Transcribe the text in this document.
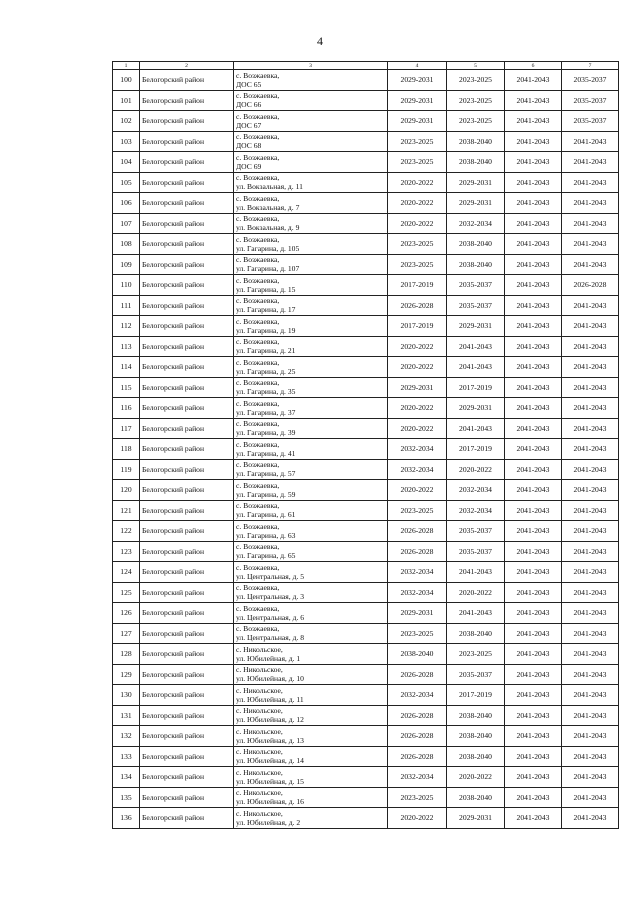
4
1	2	3	4	5	6	7
100	Белогорский район	с. Возжаевка,
ДОС 65	2029-2031	2023-2025	2041-2043	2035-2037
101	Белогорский район	с. Возжаевка,
ДОС 66	2029-2031	2023-2025	2041-2043	2035-2037
102	Белогорский район	с. Возжаевка,
ДОС 67	2029-2031	2023-2025	2041-2043	2035-2037
103	Белогорский район	с. Возжаевка,
ДОС 68	2023-2025	2038-2040	2041-2043	2041-2043
104	Белогорский район	с. Возжаевка,
ДОС 69	2023-2025	2038-2040	2041-2043	2041-2043
105	Белогорский район	с. Возжаевка,
ул. Вокзальная, д. 11	2020-2022	2029-2031	2041-2043	2041-2043
106	Белогорский район	с. Возжаевка,
ул. Вокзальная, д. 7	2020-2022	2029-2031	2041-2043	2041-2043
107	Белогорский район	с. Возжаевка,
ул. Вокзальная, д. 9	2020-2022	2032-2034	2041-2043	2041-2043
108	Белогорский район	с. Возжаевка,
ул. Гагарина, д. 105	2023-2025	2038-2040	2041-2043	2041-2043
109	Белогорский район	с. Возжаевка,
ул. Гагарина, д. 107	2023-2025	2038-2040	2041-2043	2041-2043
110	Белогорский район	с. Возжаевка,
ул. Гагарина, д. 15	2017-2019	2035-2037	2041-2043	2026-2028
111	Белогорский район	с. Возжаевка,
ул. Гагарина, д. 17	2026-2028	2035-2037	2041-2043	2041-2043
112	Белогорский район	с. Возжаевка,
ул. Гагарина, д. 19	2017-2019	2029-2031	2041-2043	2041-2043
113	Белогорский район	с. Возжаевка,
ул. Гагарина, д. 21	2020-2022	2041-2043	2041-2043	2041-2043
114	Белогорский район	с. Возжаевка,
ул. Гагарина, д. 25	2020-2022	2041-2043	2041-2043	2041-2043
115	Белогорский район	с. Возжаевка,
ул. Гагарина, д. 35	2029-2031	2017-2019	2041-2043	2041-2043
116	Белогорский район	с. Возжаевка,
ул. Гагарина, д. 37	2020-2022	2029-2031	2041-2043	2041-2043
117	Белогорский район	с. Возжаевка,
ул. Гагарина, д. 39	2020-2022	2041-2043	2041-2043	2041-2043
118	Белогорский район	с. Возжаевка,
ул. Гагарина, д. 41	2032-2034	2017-2019	2041-2043	2041-2043
119	Белогорский район	с. Возжаевка,
ул. Гагарина, д. 57	2032-2034	2020-2022	2041-2043	2041-2043
120	Белогорский район	с. Возжаевка,
ул. Гагарина, д. 59	2020-2022	2032-2034	2041-2043	2041-2043
121	Белогорский район	с. Возжаевка,
ул. Гагарина, д. 61	2023-2025	2032-2034	2041-2043	2041-2043
122	Белогорский район	с. Возжаевка,
ул. Гагарина, д. 63	2026-2028	2035-2037	2041-2043	2041-2043
123	Белогорский район	с. Возжаевка,
ул. Гагарина, д. 65	2026-2028	2035-2037	2041-2043	2041-2043
124	Белогорский район	с. Возжаевка,
ул. Центральная, д. 5	2032-2034	2041-2043	2041-2043	2041-2043
125	Белогорский район	с. Возжаевка,
ул. Центральная, д. 3	2032-2034	2020-2022	2041-2043	2041-2043
126	Белогорский район	с. Возжаевка,
ул. Центральная, д. 6	2029-2031	2041-2043	2041-2043	2041-2043
127	Белогорский район	с. Возжаевка,
ул. Центральная, д. 8	2023-2025	2038-2040	2041-2043	2041-2043
128	Белогорский район	с. Никольское,
ул. Юбилейная, д. 1	2038-2040	2023-2025	2041-2043	2041-2043
129	Белогорский район	с. Никольское,
ул. Юбилейная, д. 10	2026-2028	2035-2037	2041-2043	2041-2043
130	Белогорский район	с. Никольское,
ул. Юбилейная, д. 11	2032-2034	2017-2019	2041-2043	2041-2043
131	Белогорский район	с. Никольское,
ул. Юбилейная, д. 12	2026-2028	2038-2040	2041-2043	2041-2043
132	Белогорский район	с. Никольское,
ул. Юбилейная, д. 13	2026-2028	2038-2040	2041-2043	2041-2043
133	Белогорский район	с. Никольское,
ул. Юбилейная, д. 14	2026-2028	2038-2040	2041-2043	2041-2043
134	Белогорский район	с. Никольское,
ул. Юбилейная, д. 15	2032-2034	2020-2022	2041-2043	2041-2043
135	Белогорский район	с. Никольское,
ул. Юбилейная, д. 16	2023-2025	2038-2040	2041-2043	2041-2043
136	Белогорский район	с. Никольское,
ул. Юбилейная, д. 2	2020-2022	2029-2031	2041-2043	2041-2043
